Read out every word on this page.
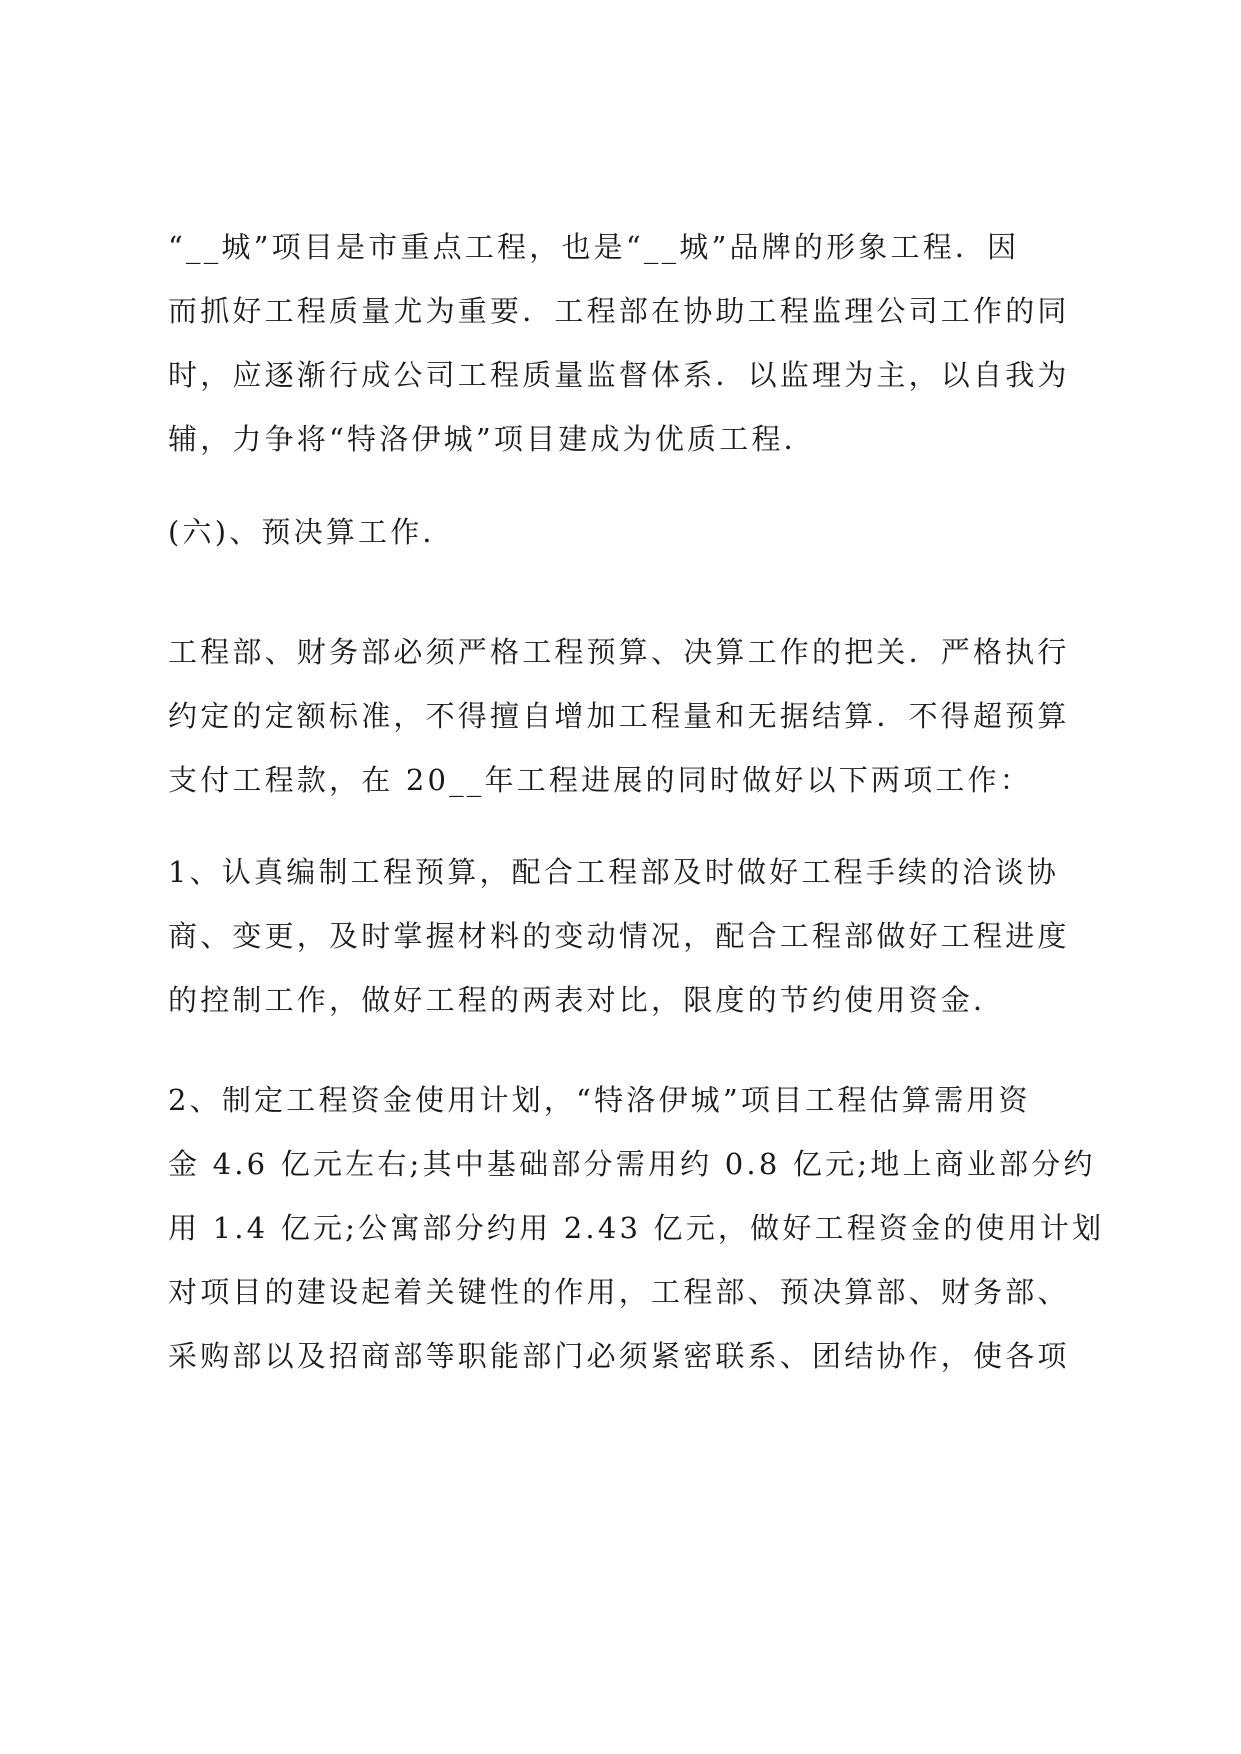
“__城”项目是市重点工程，也是“__城”品牌的形象工程．因
而抓好工程质量尤为重要．工程部在协助工程监理公司工作的同
时，应逐渐行成公司工程质量监督体系．以监理为主，以自我为
辅，力争将“特洛伊城”项目建成为优质工程．

(六)、预决算工作．

工程部、财务部必须严格工程预算、决算工作的把关．严格执行
约定的定额标准，不得擅自增加工程量和无据结算．不得超预算
支付工程款，在 20__年工程进展的同时做好以下两项工作：

1、认真编制工程预算，配合工程部及时做好工程手续的洽谈协
商、变更，及时掌握材料的变动情况，配合工程部做好工程进度
的控制工作，做好工程的两表对比，限度的节约使用资金．

2、制定工程资金使用计划，“特洛伊城”项目工程估算需用资
金 4.6 亿元左右;其中基础部分需用约 0.8 亿元;地上商业部分约
用 1.4 亿元;公寓部分约用 2.43 亿元，做好工程资金的使用计划
对项目的建设起着关键性的作用，工程部、预决算部、财务部、
采购部以及招商部等职能部门必须紧密联系、团结协作，使各项
